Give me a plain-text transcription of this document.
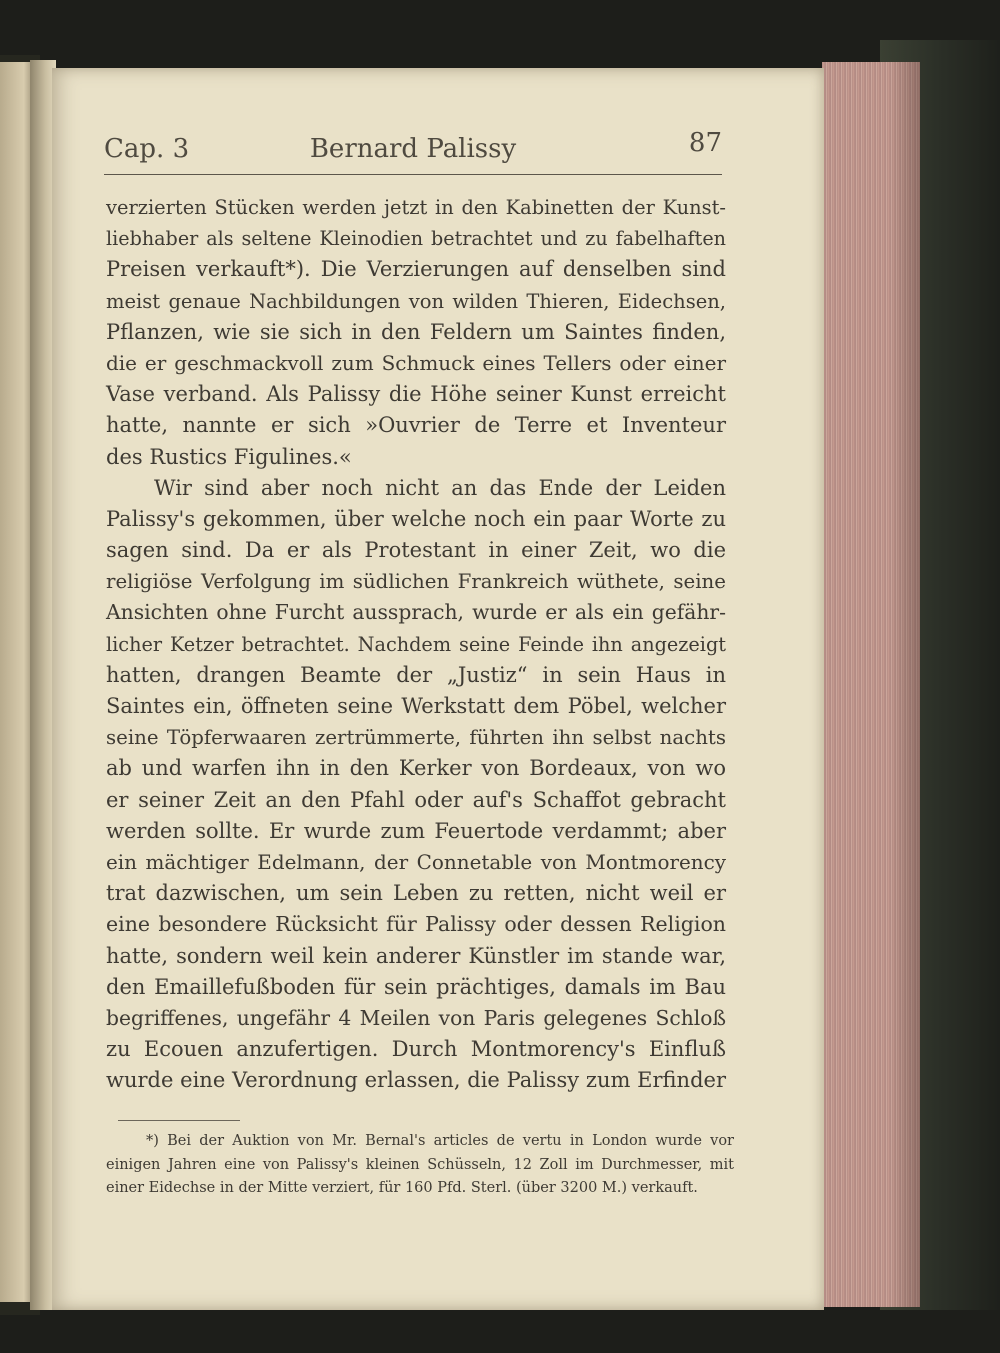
Cap. 3	Bernard Palissy	87
verzierten Stücken werden jetzt in den Kabinetten der Kunst-
liebhaber als seltene Kleinodien betrachtet und zu fabelhaften
Preisen verkauft*). Die Verzierungen auf denselben sind
meist genaue Nachbildungen von wilden Thieren, Eidechsen,
Pflanzen, wie sie sich in den Feldern um Saintes finden,
die er geschmackvoll zum Schmuck eines Tellers oder einer
Vase verband. Als Palissy die Höhe seiner Kunst erreicht
hatte, nannte er sich »Ouvrier de Terre et Inventeur
des Rustics Figulines.«
Wir sind aber noch nicht an das Ende der Leiden
Palissy's gekommen, über welche noch ein paar Worte zu
sagen sind. Da er als Protestant in einer Zeit, wo die
religiöse Verfolgung im südlichen Frankreich wüthete, seine
Ansichten ohne Furcht aussprach, wurde er als ein gefähr-
licher Ketzer betrachtet. Nachdem seine Feinde ihn angezeigt
hatten, drangen Beamte der „Justiz“ in sein Haus in
Saintes ein, öffneten seine Werkstatt dem Pöbel, welcher
seine Töpferwaaren zertrümmerte, führten ihn selbst nachts
ab und warfen ihn in den Kerker von Bordeaux, von wo
er seiner Zeit an den Pfahl oder auf's Schaffot gebracht
werden sollte. Er wurde zum Feuertode verdammt; aber
ein mächtiger Edelmann, der Connetable von Montmorency
trat dazwischen, um sein Leben zu retten, nicht weil er
eine besondere Rücksicht für Palissy oder dessen Religion
hatte, sondern weil kein anderer Künstler im stande war,
den Emaillefußboden für sein prächtiges, damals im Bau
begriffenes, ungefähr 4 Meilen von Paris gelegenes Schloß
zu Ecouen anzufertigen. Durch Montmorency's Einfluß
wurde eine Verordnung erlassen, die Palissy zum Erfinder
*) Bei der Auktion von Mr. Bernal's articles de vertu in London wurde vor
einigen Jahren eine von Palissy's kleinen Schüsseln, 12 Zoll im Durchmesser, mit
einer Eidechse in der Mitte verziert, für 160 Pfd. Sterl. (über 3200 M.) verkauft.
